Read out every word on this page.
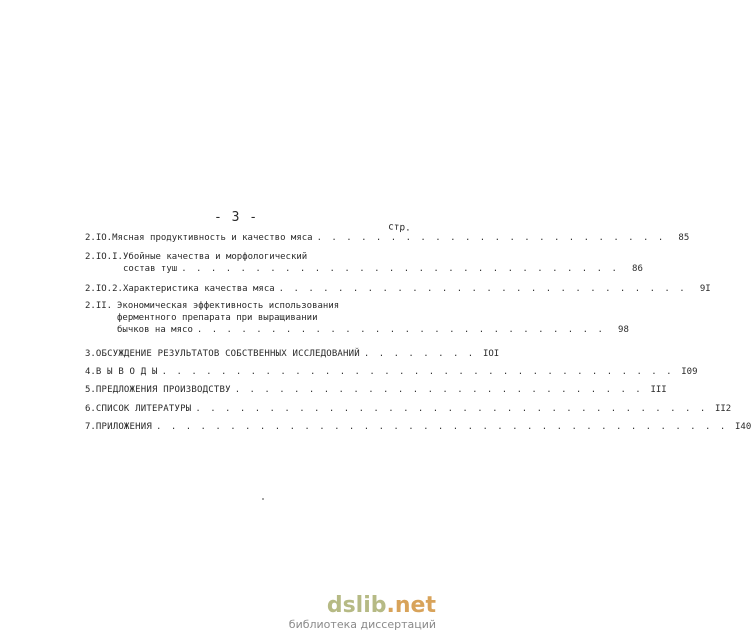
- 3 -
стр.
2.IO. Мясная продуктивность и качество мяса . . . . . . . . . . . . . . . . . . . . . . . .	85
2.IO.I. Убойные качества и морфологический
состав туш . . . . . . . . . . . . . . . . . . . . . . . . . . . . . .	86
2.IO.2. Характеристика качества мяса . . . . . . . . . . . . . . . . . . . . . . . . . . . .	9I
2.II. Экономическая эффективность использования
ферментного препарата при выращивании
бычков на мясо . . . . . . . . . . . . . . . . . . . . . . . . . . . .	98
3. ОБСУЖДЕНИЕ РЕЗУЛЬТАТОВ СОБСТВЕННЫХ ИССЛЕДОВАНИЙ . . . . . . . . IOI
4. В Ы В О Д Ы . . . . . . . . . . . . . . . . . . . . . . . . . . . . . . . . . . . I09
5. ПРЕДЛОЖЕНИЯ ПРОИЗВОДСТВУ . . . . . . . . . . . . . . . . . . . . . . . . . . . . III
6. СПИСОК ЛИТЕРАТУРЫ . . . . . . . . . . . . . . . . . . . . . . . . . . . . . . . . . . . II2
7. ПРИЛОЖЕНИЯ . . . . . . . . . . . . . . . . . . . . . . . . . . . . . . . . . . . . . . . I40
dslib.net
библиотека диссертаций
